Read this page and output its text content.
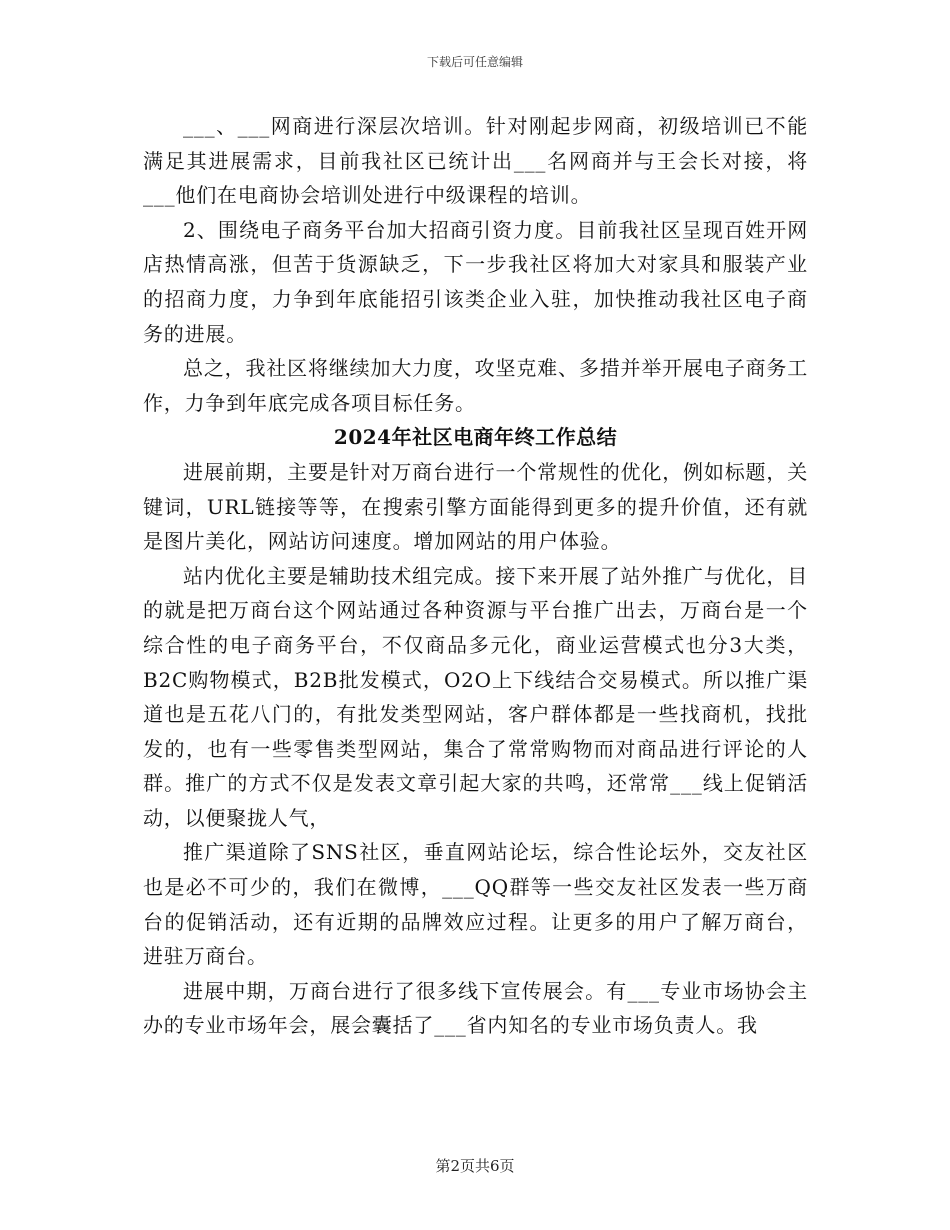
下载后可任意编辑

___、___网商进行深层次培训。针对刚起步网商，初级培训已不能满足其进展需求，目前我社区已统计出___名网商并与王会长对接，将___他们在电商协会培训处进行中级课程的培训。

2、围绕电子商务平台加大招商引资力度。目前我社区呈现百姓开网店热情高涨，但苦于货源缺乏，下一步我社区将加大对家具和服装产业的招商力度，力争到年底能招引该类企业入驻，加快推动我社区电子商务的进展。

总之，我社区将继续加大力度，攻坚克难、多措并举开展电子商务工作，力争到年底完成各项目标任务。

2024年社区电商年终工作总结

进展前期，主要是针对万商台进行一个常规性的优化，例如标题，关键词，URL链接等等，在搜索引擎方面能得到更多的提升价值，还有就是图片美化，网站访问速度。增加网站的用户体验。

站内优化主要是辅助技术组完成。接下来开展了站外推广与优化，目的就是把万商台这个网站通过各种资源与平台推广出去，万商台是一个综合性的电子商务平台，不仅商品多元化，商业运营模式也分3大类，B2C购物模式，B2B批发模式，O2O上下线结合交易模式。所以推广渠道也是五花八门的，有批发类型网站，客户群体都是一些找商机，找批发的，也有一些零售类型网站，集合了常常购物而对商品进行评论的人群。推广的方式不仅是发表文章引起大家的共鸣，还常常___线上促销活动，以便聚拢人气，

推广渠道除了SNS社区，垂直网站论坛，综合性论坛外，交友社区也是必不可少的，我们在微博，___QQ群等一些交友社区发表一些万商台的促销活动，还有近期的品牌效应过程。让更多的用户了解万商台，进驻万商台。

进展中期，万商台进行了很多线下宣传展会。有___专业市场协会主办的专业市场年会，展会囊括了___省内知名的专业市场负责人。我

第2页共6页
